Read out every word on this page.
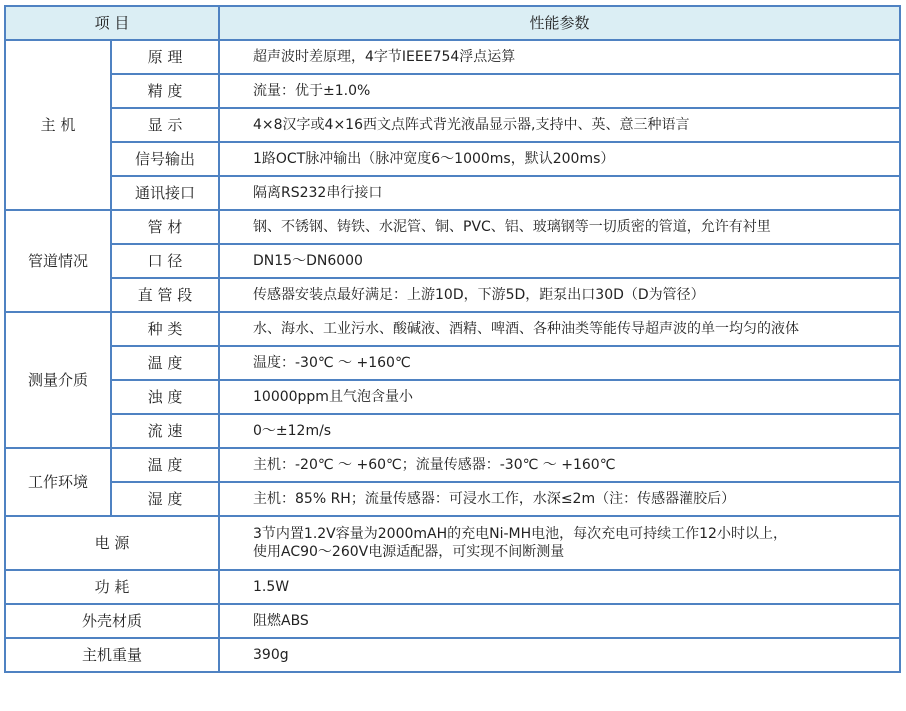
项 目		性能参数
主 机	原 理	超声波时差原理，4字节IEEE754浮点运算
	精 度	流量：优于±1.0%
	显 示	4×8汉字或4×16西文点阵式背光液晶显示器,支持中、英、意三种语言
	信号输出	1路OCT脉冲输出（脉冲宽度6～1000ms，默认200ms）
	通讯接口	隔离RS232串行接口
管道情况	管 材	钢、不锈钢、铸铁、水泥管、铜、PVC、铝、玻璃钢等一切质密的管道，允许有衬里
	口 径	DN15～DN6000
	直 管 段	传感器安装点最好满足：上游10D，下游5D，距泵出口30D（D为管径）
测量介质	种 类	水、海水、工业污水、酸碱液、酒精、啤酒、各种油类等能传导超声波的单一均匀的液体
	温 度	温度：-30℃ ～ +160℃
	浊 度	10000ppm且气泡含量小
	流 速	0～±12m/s
工作环境	温 度	主机：-20℃ ～ +60℃；流量传感器：-30℃ ～ +160℃
	湿 度	主机：85% RH；流量传感器：可浸水工作，水深≤2m（注：传感器灌胶后）
电 源		3节内置1.2V容量为2000mAH的充电Ni-MH电池，每次充电可持续工作12小时以上，
使用AC90～260V电源适配器，可实现不间断测量

功 耗		1.5W
外壳材质		阻燃ABS
主机重量		390g
